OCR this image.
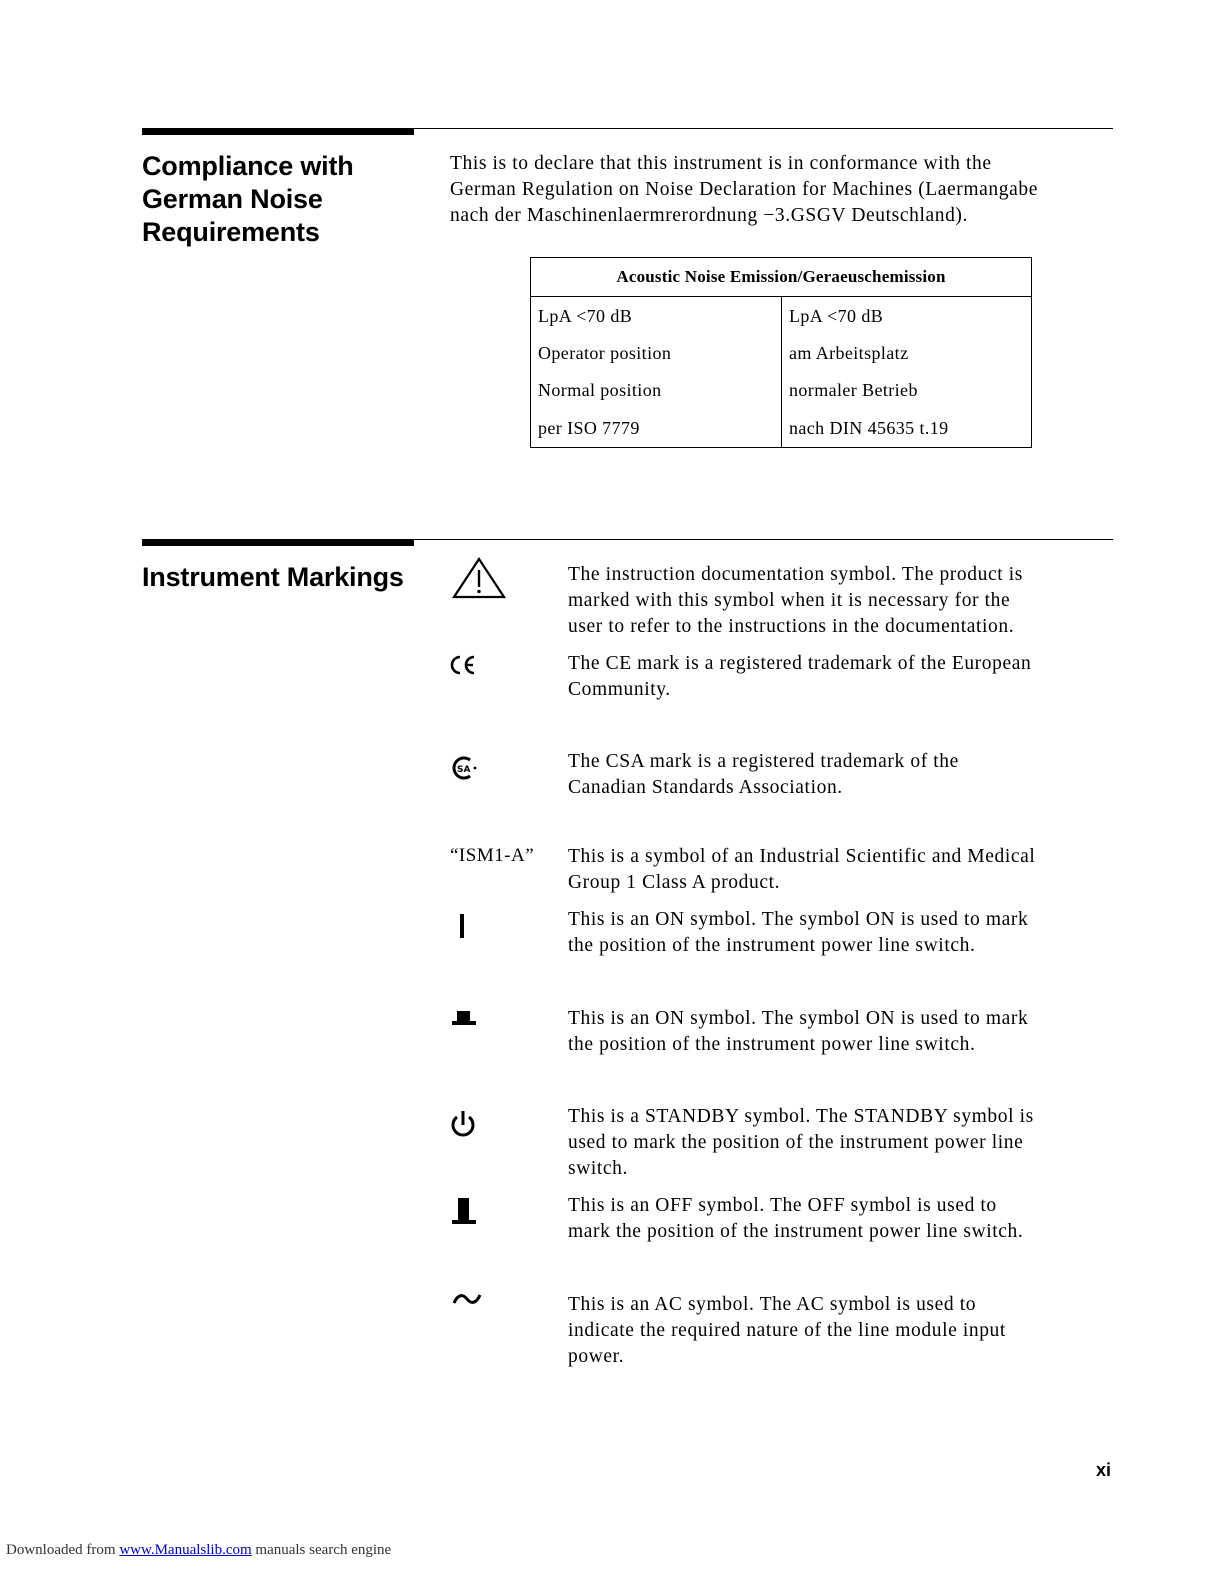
Compliance with
German Noise
Requirements
This is to declare that this instrument is in conformance with the
German Regulation on Noise Declaration for Machines (Laermangabe
nach der Maschinenlaermrerordnung −3.GSGV Deutschland).
Acoustic Noise Emission/Geraeuschemission	
LpA <70 dB	LpA <70 dB
Operator position	am Arbeitsplatz
Normal position	normaler Betrieb
per ISO 7779	nach DIN 45635 t.19
Instrument Markings
SA
“ISM1-A”
The instruction documentation symbol. The product is
marked with this symbol when it is necessary for the
user to refer to the instructions in the documentation.
The CE mark is a registered trademark of the European
Community.
The CSA mark is a registered trademark of the
Canadian Standards Association.
This is a symbol of an Industrial Scientific and Medical
Group 1 Class A product.
This is an ON symbol. The symbol ON is used to mark
the position of the instrument power line switch.
This is an ON symbol. The symbol ON is used to mark
the position of the instrument power line switch.
This is a STANDBY symbol. The STANDBY symbol is
used to mark the position of the instrument power line
switch.
This is an OFF symbol. The OFF symbol is used to
mark the position of the instrument power line switch.
This is an AC symbol. The AC symbol is used to
indicate the required nature of the line module input
power.
xi
Downloaded from www.Manualslib.com manuals search engine
